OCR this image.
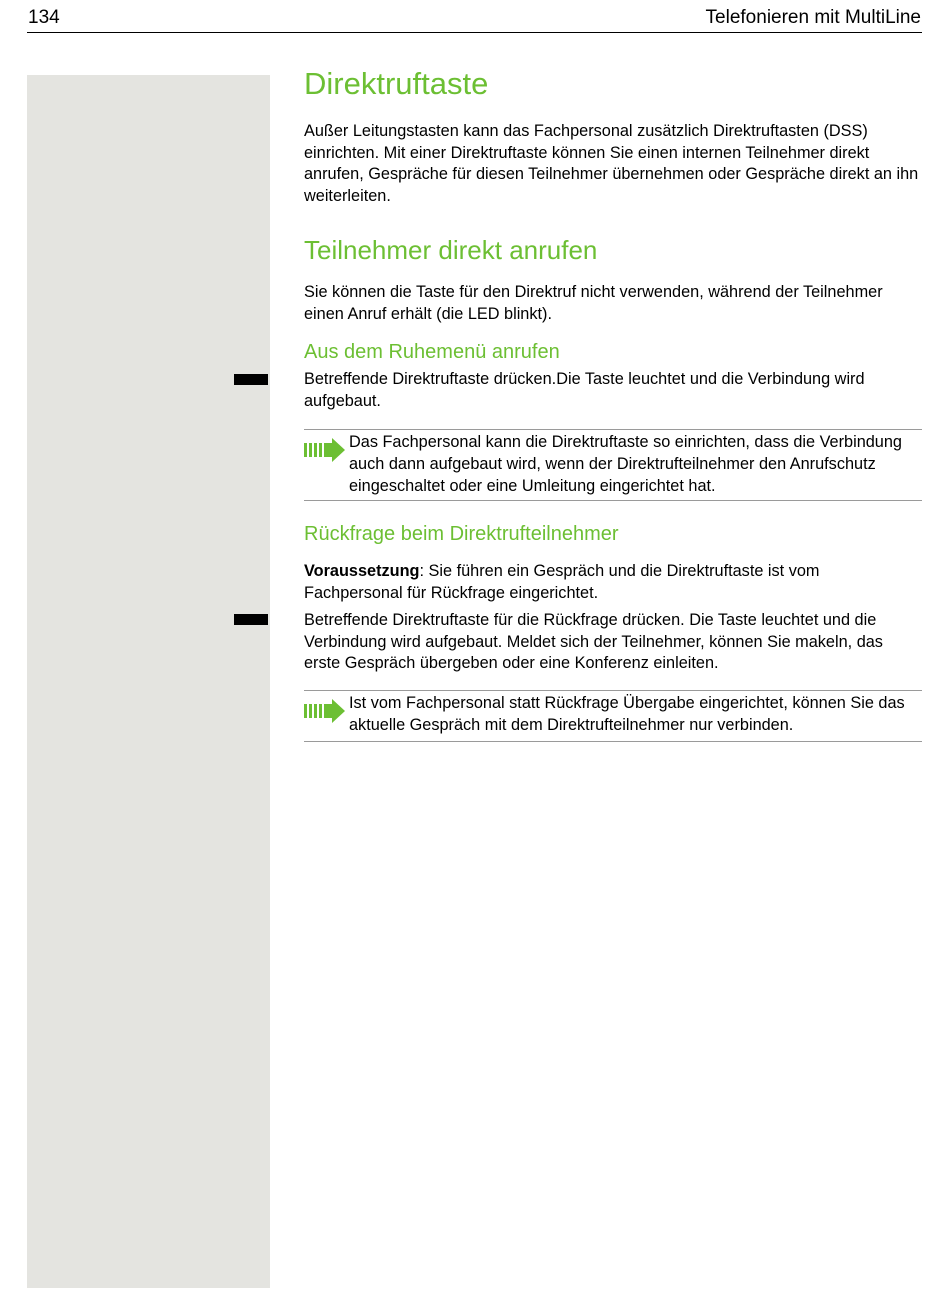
134	Telefonieren mit MultiLine
Direktruftaste

Außer Leitungstasten kann das Fachpersonal zusätzlich Direktruftasten (DSS) einrichten. Mit einer Direktruftaste können Sie einen internen Teilnehmer direkt anrufen, Gespräche für diesen Teilnehmer übernehmen oder Gespräche direkt an ihn weiterleiten.

Teilnehmer direkt anrufen

Sie können die Taste für den Direktruf nicht verwenden, während der Teilnehmer einen Anruf erhält (die LED blinkt).

Aus dem Ruhemenü anrufen

Betreffende Direktruftaste drücken.Die Taste leuchtet und die Verbindung wird aufgebaut.

Das Fachpersonal kann die Direktruftaste so einrichten, dass die Verbindung auch dann aufgebaut wird, wenn der Direktrufteilnehmer den Anrufschutz eingeschaltet oder eine Umleitung eingerichtet hat.

Rückfrage beim Direktrufteilnehmer

Voraussetzung: Sie führen ein Gespräch und die Direktruftaste ist vom Fachpersonal für Rückfrage eingerichtet.

Betreffende Direktruftaste für die Rückfrage drücken. Die Taste leuchtet und die Verbindung wird aufgebaut. Meldet sich der Teilnehmer, können Sie makeln, das erste Gespräch übergeben oder eine Konferenz einleiten.

Ist vom Fachpersonal statt Rückfrage Übergabe eingerichtet, können Sie das aktuelle Gespräch mit dem Direktrufteilnehmer nur verbinden.
